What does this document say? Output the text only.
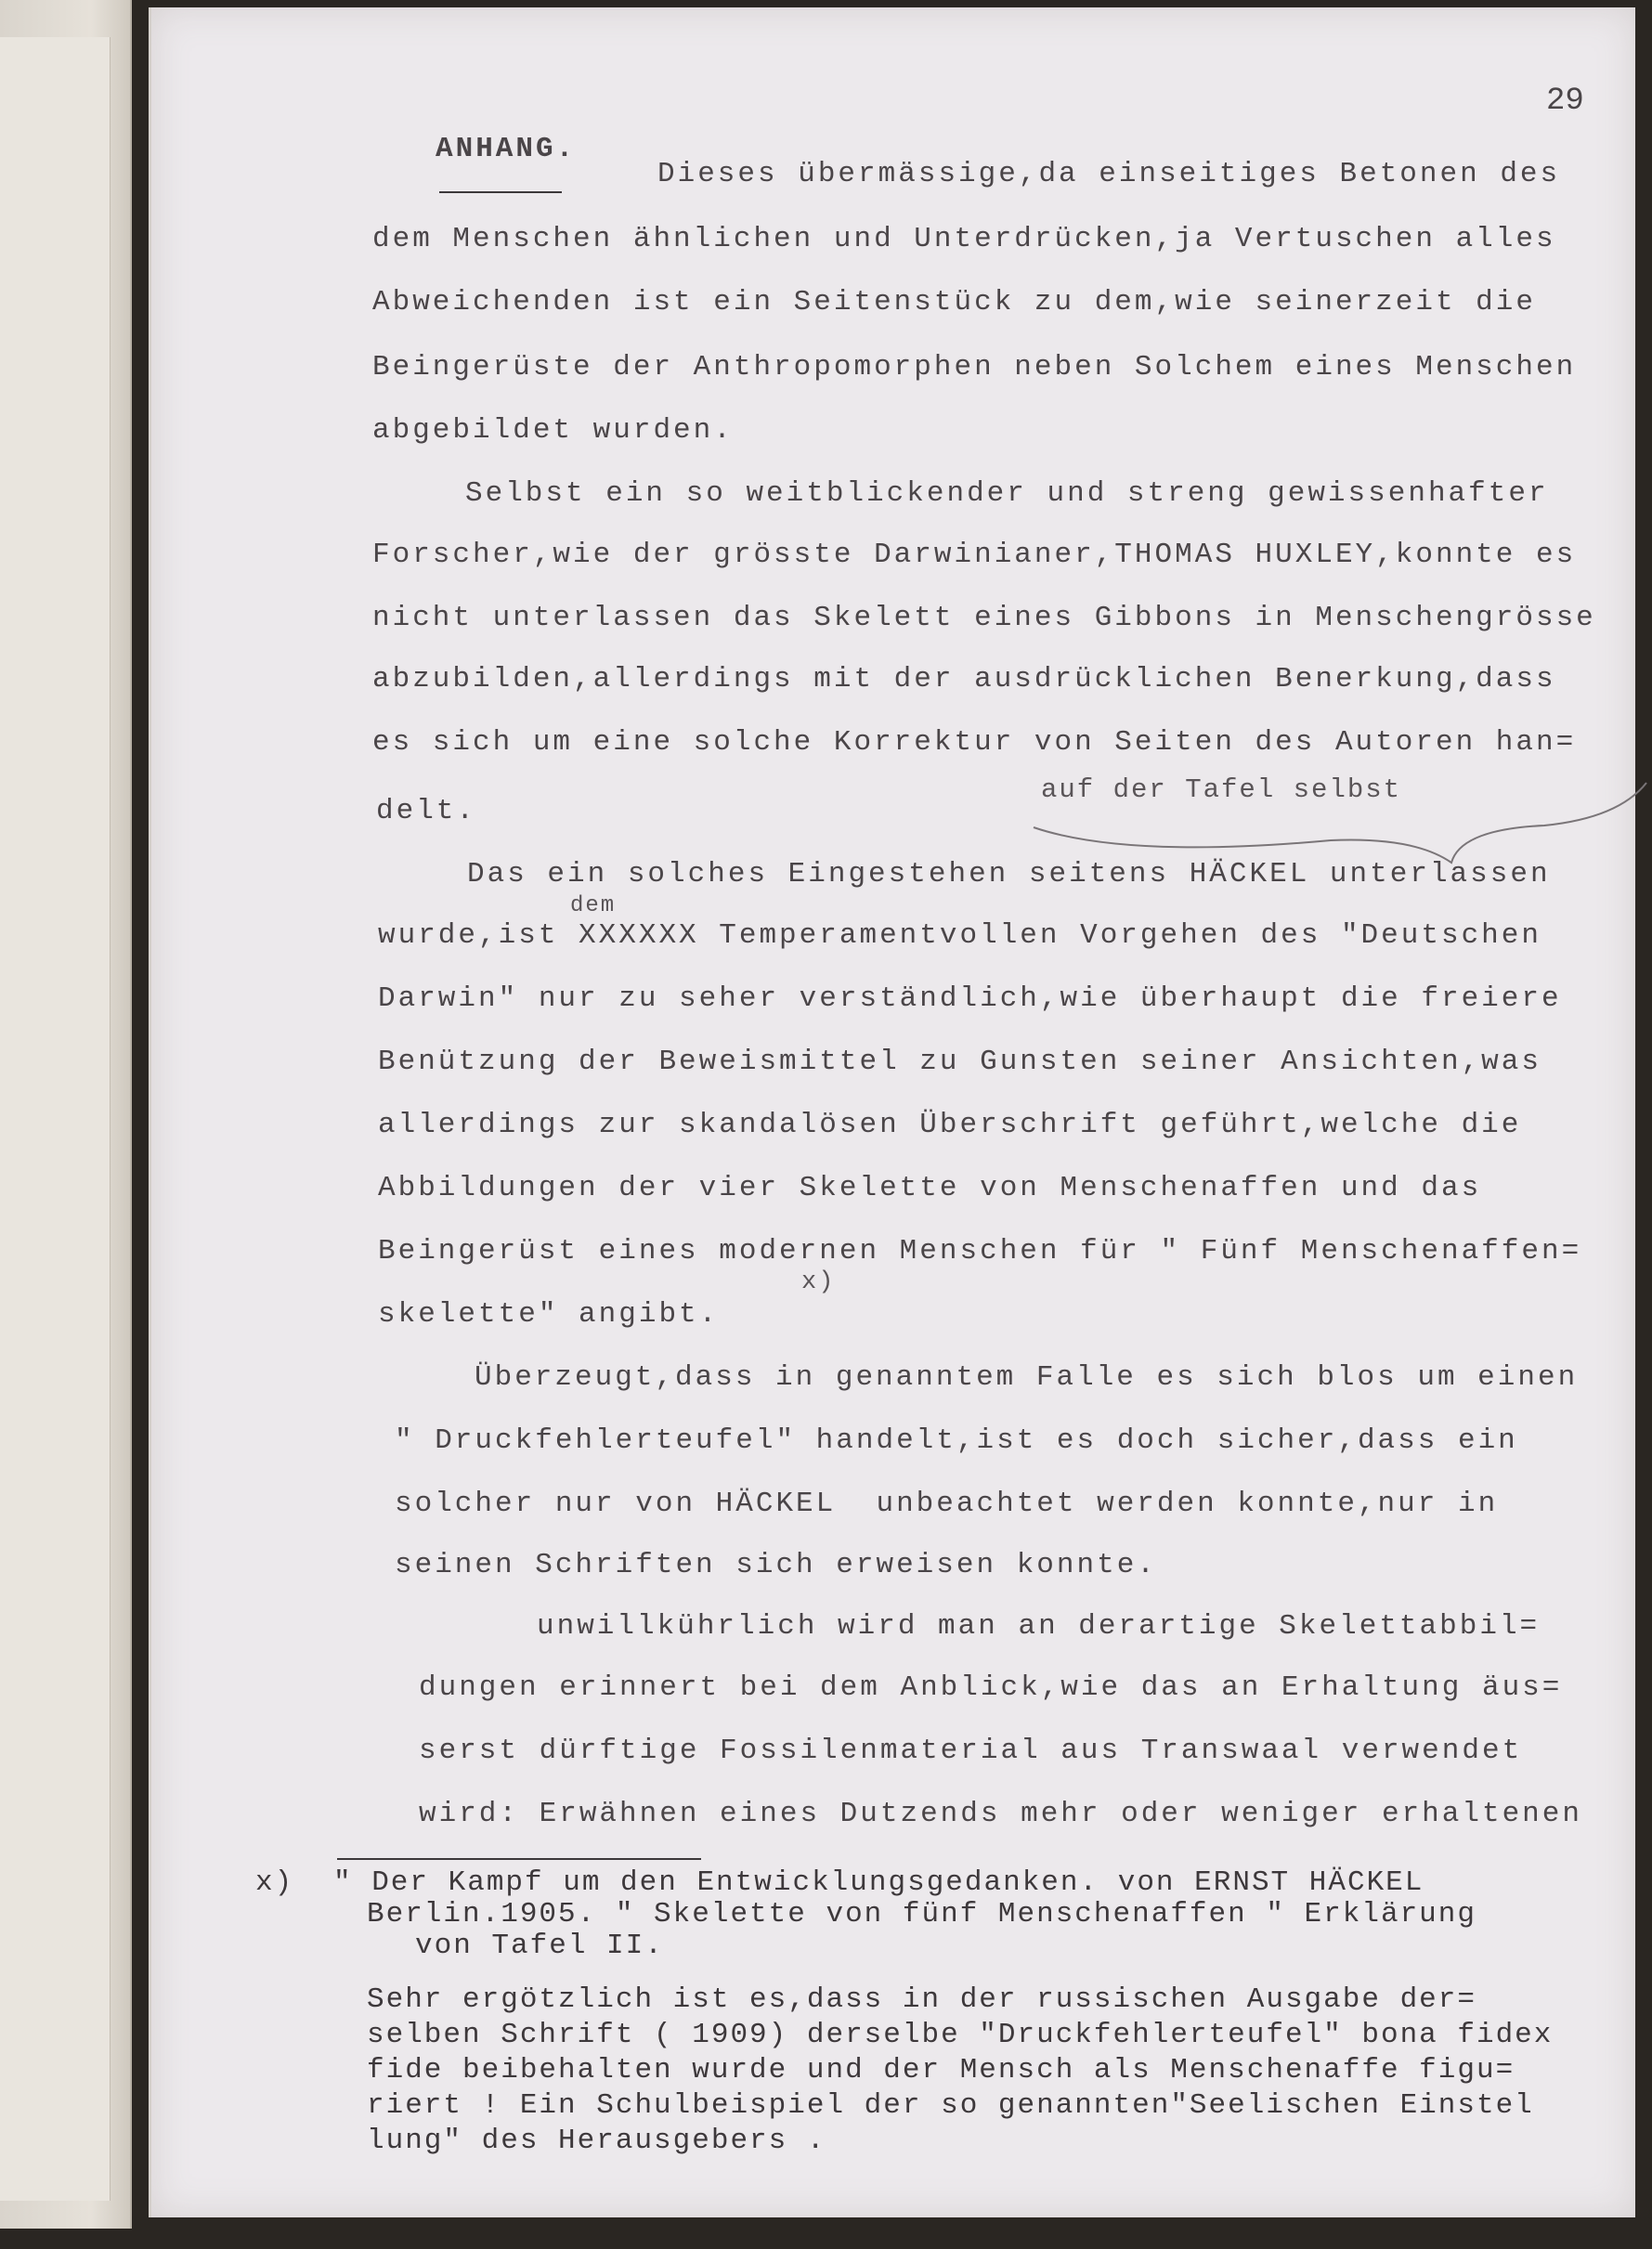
29
ANHANG.
Dieses übermässige,da einseitiges Betonen des
dem Menschen ähnlichen und Unterdrücken,ja Vertuschen alles
Abweichenden ist ein Seitenstück zu dem,wie seinerzeit die
Beingerüste der Anthropomorphen neben Solchem eines Menschen
abgebildet wurden.
Selbst ein so weitblickender und streng gewissenhafter
Forscher,wie der grösste Darwinianer,THOMAS HUXLEY,konnte es
nicht unterlassen das Skelett eines Gibbons in Menschengrösse
abzubilden,allerdings mit der ausdrücklichen Benerkung,dass
es sich um eine solche Korrektur von Seiten des Autoren han=
auf der Tafel selbst
delt.
Das ein solches Eingestehen seitens HÄCKEL unterlassen
dem
wurde,ist XXXXXX Temperamentvollen Vorgehen des "Deutschen
Darwin" nur zu seher verständlich,wie überhaupt die freiere
Benützung der Beweismittel zu Gunsten seiner Ansichten,was
allerdings zur skandalösen Überschrift geführt,welche die
Abbildungen der vier Skelette von Menschenaffen und das
Beingerüst eines modernen Menschen für " Fünf Menschenaffen=
x)
skelette" angibt.
Überzeugt,dass in genanntem Falle es sich blos um einen
" Druckfehlerteufel" handelt,ist es doch sicher,dass ein
solcher nur von HÄCKEL  unbeachtet werden konnte,nur in
seinen Schriften sich erweisen konnte.
unwillkührlich wird man an derartige Skelettabbil=
dungen erinnert bei dem Anblick,wie das an Erhaltung äus=
serst dürftige Fossilenmaterial aus Transwaal verwendet
wird: Erwähnen eines Dutzends mehr oder weniger erhaltenen
x) " Der Kampf um den Entwicklungsgedanken. von ERNST HÄCKEL
Berlin.1905. " Skelette von fünf Menschenaffen " Erklärung
von Tafel II.
Sehr ergötzlich ist es,dass in der russischen Ausgabe der=
selben Schrift ( 1909) derselbe "Druckfehlerteufel" bona fidex
fide beibehalten wurde und der Mensch als Menschenaffe figu=
riert ! Ein Schulbeispiel der so genannten"Seelischen Einstel
lung" des Herausgebers .
